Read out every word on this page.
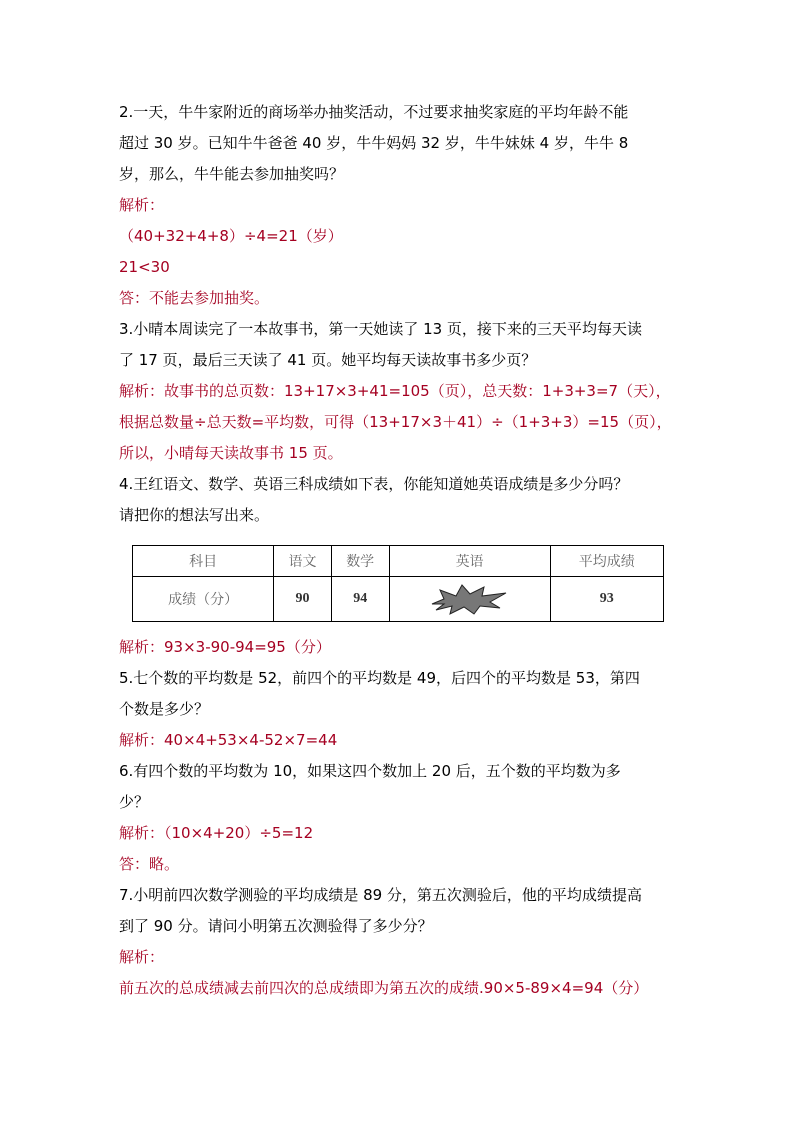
2.一天，牛牛家附近的商场举办抽奖活动，不过要求抽奖家庭的平均年龄不能
超过 30 岁。已知牛牛爸爸 40 岁，牛牛妈妈 32 岁，牛牛妹妹 4 岁，牛牛 8
岁，那么，牛牛能去参加抽奖吗？
解析：
（40+32+4+8）÷4=21（岁）
21<30
答：不能去参加抽奖。
3.小晴本周读完了一本故事书，第一天她读了 13 页，接下来的三天平均每天读
了 17 页，最后三天读了 41 页。她平均每天读故事书多少页？
解析：故事书的总页数：13+17×3+41=105（页），总天数：1+3+3=7（天），
根据总数量÷总天数=平均数，可得（13+17×3＋41）÷（1+3+3）=15（页），
所以，小晴每天读故事书 15 页。
4.王红语文、数学、英语三科成绩如下表，你能知道她英语成绩是多少分吗？
请把你的想法写出来。
科目	语文	数学	英语	平均成绩
成绩（分）	90	94		93
解析：93×3-90-94=95（分）
5.七个数的平均数是 52，前四个的平均数是 49，后四个的平均数是 53，第四
个数是多少？
解析：40×4+53×4-52×7=44
6.有四个数的平均数为 10，如果这四个数加上 20 后，五个数的平均数为多
少？
解析：（10×4+20）÷5=12
答：略。
7.小明前四次数学测验的平均成绩是 89 分，第五次测验后，他的平均成绩提高
到了 90 分。请问小明第五次测验得了多少分？
解析：
前五次的总成绩减去前四次的总成绩即为第五次的成绩.90×5-89×4=94（分）
